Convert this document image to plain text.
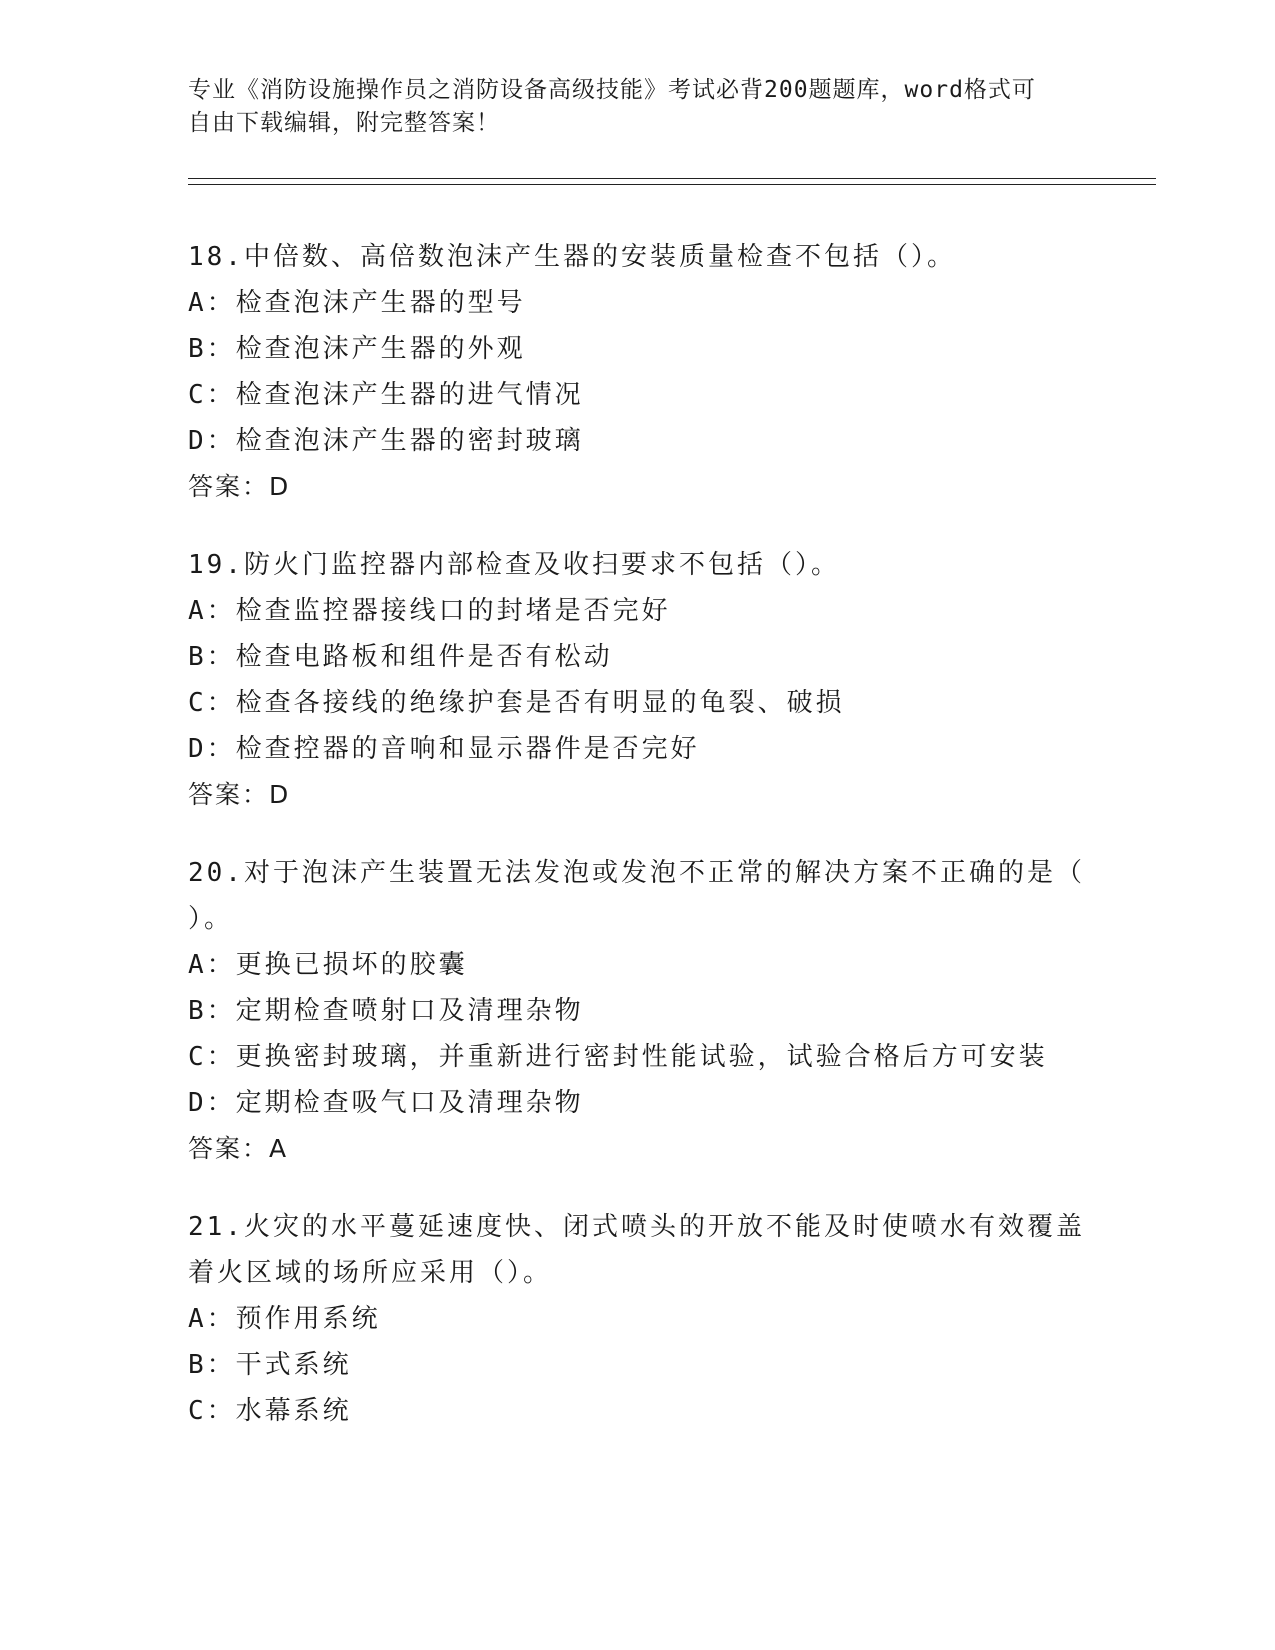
专业《消防设施操作员之消防设备高级技能》考试必背200题题库，word格式可
自由下载编辑，附完整答案！
18.中倍数、高倍数泡沫产生器的安装质量检查不包括（）。
A：检查泡沫产生器的型号
B：检查泡沫产生器的外观
C：检查泡沫产生器的进气情况
D：检查泡沫产生器的密封玻璃
答案：D
19.防火门监控器内部检查及收扫要求不包括（）。
A：检查监控器接线口的封堵是否完好
B：检查电路板和组件是否有松动
C：检查各接线的绝缘护套是否有明显的龟裂、破损
D：检查控器的音响和显示器件是否完好
答案：D
20.对于泡沫产生装置无法发泡或发泡不正常的解决方案不正确的是（
）。
A：更换已损坏的胶囊
B：定期检查喷射口及清理杂物
C：更换密封玻璃，并重新进行密封性能试验，试验合格后方可安装
D：定期检查吸气口及清理杂物
答案：A
21.火灾的水平蔓延速度快、闭式喷头的开放不能及时使喷水有效覆盖
着火区域的场所应采用（）。
A：预作用系统
B：干式系统
C：水幕系统
